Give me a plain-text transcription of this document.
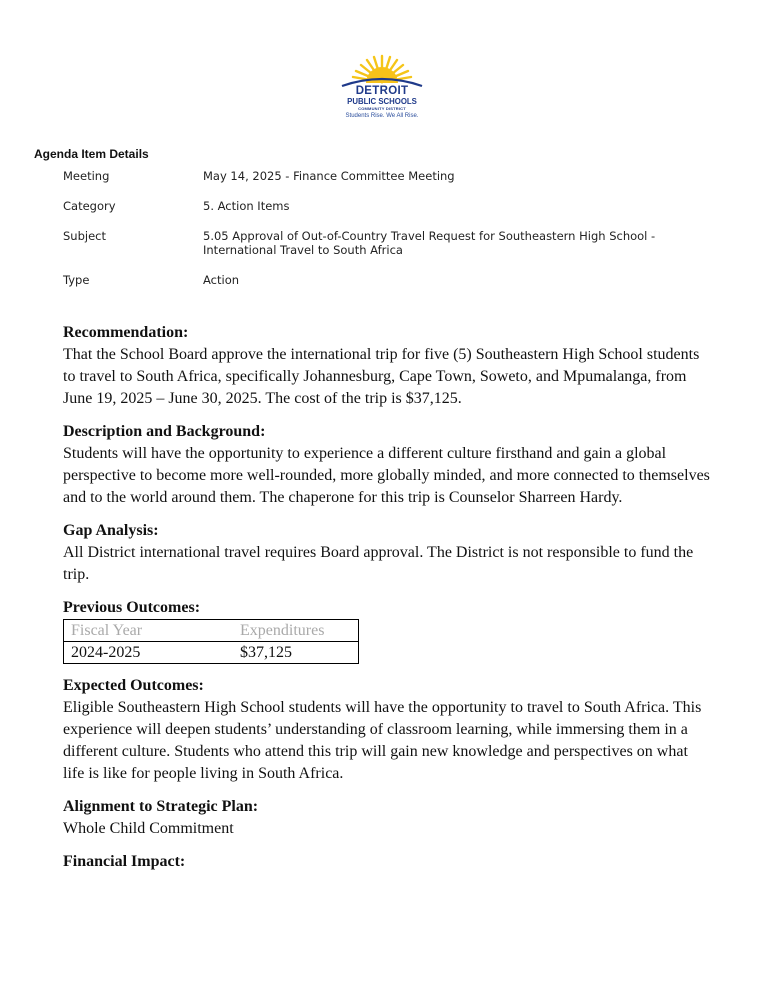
DETROIT
PUBLIC SCHOOLS
COMMUNITY DISTRICT
Students Rise. We All Rise.
Agenda Item Details
Meeting	May 14, 2025 - Finance Committee Meeting
Category	5. Action Items
Subject	5.05 Approval of Out-of-Country Travel Request for Southeastern High School - International Travel to South Africa
Type	Action
Recommendation:

That the School Board approve the international trip for five (5) Southeastern High School students to travel to South Africa, specifically Johannesburg, Cape Town, Soweto, and Mpumalanga, from June 19, 2025 – June 30, 2025. The cost of the trip is $37,125.

Description and Background:

Students will have the opportunity to experience a different culture firsthand and gain a global perspective to become more well-rounded, more globally minded, and more connected to themselves and to the world around them. The chaperone for this trip is Counselor Sharreen Hardy.

Gap Analysis:

All District international travel requires Board approval. The District is not responsible to fund the trip.

Previous Outcomes:
Fiscal Year	Expenditures
2024-2025	$37,125
Expected Outcomes:

Eligible Southeastern High School students will have the opportunity to travel to South Africa. This experience will deepen students’ understanding of classroom learning, while immersing them in a different culture. Students who attend this trip will gain new knowledge and perspectives on what life is like for people living in South Africa.

Alignment to Strategic Plan:

Whole Child Commitment

Financial Impact:
